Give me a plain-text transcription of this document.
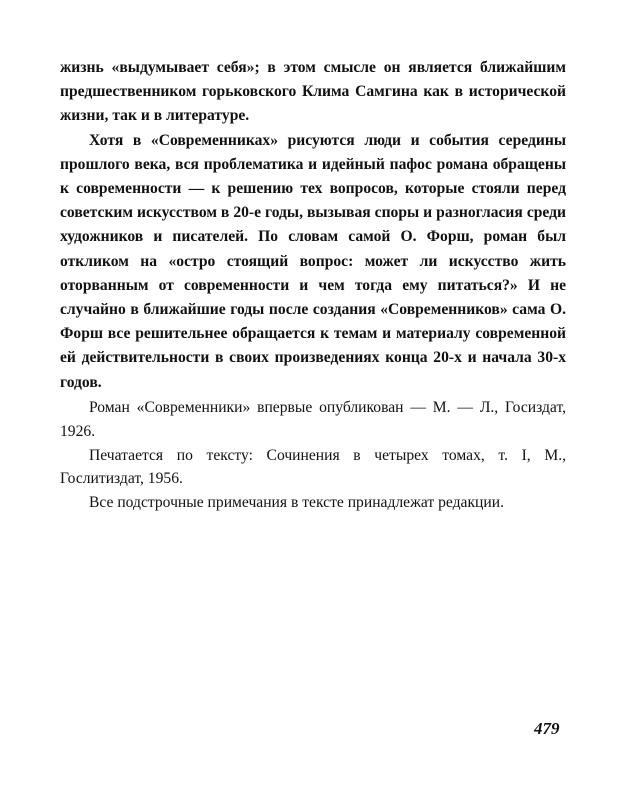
жизнь «выдумывает себя»; в этом смысле он является ближайшим предшественником горьковского Клима Самгина как в исторической жизни, так и в литературе.

Хотя в «Современниках» рисуются люди и события середины прошлого века, вся проблематика и идейный пафос романа обращены к современности — к решению тех вопросов, которые стояли перед советским искусством в 20-е годы, вызывая споры и разногласия среди художников и писателей. По словам самой О. Форш, роман был откликом на «остро стоящий вопрос: может ли искусство жить оторванным от современности и чем тогда ему питаться?» И не случайно в ближайшие годы после создания «Современников» сама О. Форш все решительнее обращается к темам и материалу современной ей действительности в своих произведениях конца 20-х и начала 30-х годов.

Роман «Современники» впервые опубликован — М. — Л., Госиздат, 1926.

Печатается по тексту: Сочинения в четырех томах, т. I, М., Гослитиздат, 1956.

Все подстрочные примечания в тексте принадлежат редакции.

479
